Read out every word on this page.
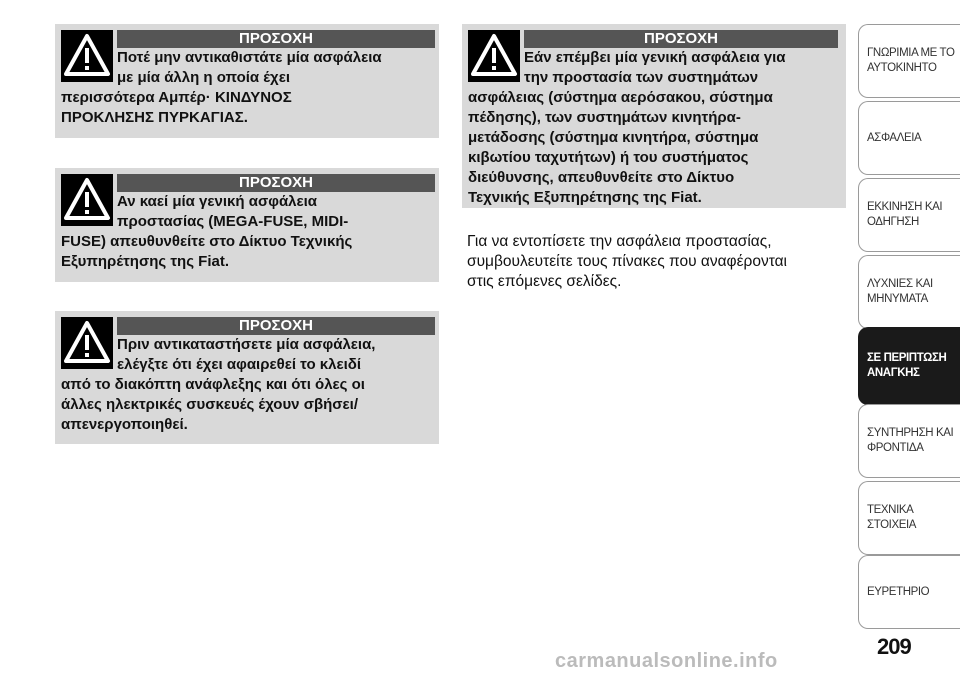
ΠΡΟΣΟΧΗ
Ποτέ μην αντικαθιστάτε μία ασφάλεια
με μία άλλη η οποία έχει
περισσότερα Αμπέρ· ΚΙΝΔΥΝΟΣ
ΠΡΟΚΛΗΣΗΣ ΠΥΡΚΑΓΙΑΣ.
ΠΡΟΣΟΧΗ
Αν καεί μία γενική ασφάλεια
προστασίας (MEGA-FUSE, MIDI-
FUSE) απευθυνθείτε στο Δίκτυο Τεχνικής
Εξυπηρέτησης της Fiat.
ΠΡΟΣΟΧΗ
Πριν αντικαταστήσετε μία ασφάλεια,
ελέγξτε ότι έχει αφαιρεθεί το κλειδί
από το διακόπτη ανάφλεξης και ότι όλες οι
άλλες ηλεκτρικές συσκευές έχουν σβήσει/
απενεργοποιηθεί.
ΠΡΟΣΟΧΗ
Εάν επέμβει μία γενική ασφάλεια για
την προστασία των συστημάτων
ασφάλειας (σύστημα αερόσακου, σύστημα
πέδησης), των συστημάτων κινητήρα-
μετάδοσης (σύστημα κινητήρα, σύστημα
κιβωτίου ταχυτήτων) ή του συστήματος
διεύθυνσης, απευθυνθείτε στο Δίκτυο
Τεχνικής Εξυπηρέτησης της Fiat.
Για να εντοπίσετε την ασφάλεια προστασίας,
συμβουλευτείτε τους πίνακες που αναφέρονται
στις επόμενες σελίδες.
ΓΝΩΡΙΜΙΑ ΜΕ ΤΟ
ΑΥΤΟΚΙΝΗΤΟ
ΑΣΦΑΛΕΙΑ
ΕΚΚΙΝΗΣΗ ΚΑΙ
ΟΔΗΓΗΣΗ
ΛΥΧΝΙΕΣ ΚΑΙ
ΜΗΝΥΜΑΤΑ
ΣΕ ΠΕΡΙΠΤΩΣΗ
ΑΝΑΓΚΗΣ
ΣΥΝΤΗΡΗΣΗ ΚΑΙ
ΦΡΟΝΤΙΔΑ
ΤΕΧΝΙΚΑ ΣΤΟΙΧΕΙΑ
ΕΥΡΕΤΗΡΙΟ
209
carmanualsonline.info
